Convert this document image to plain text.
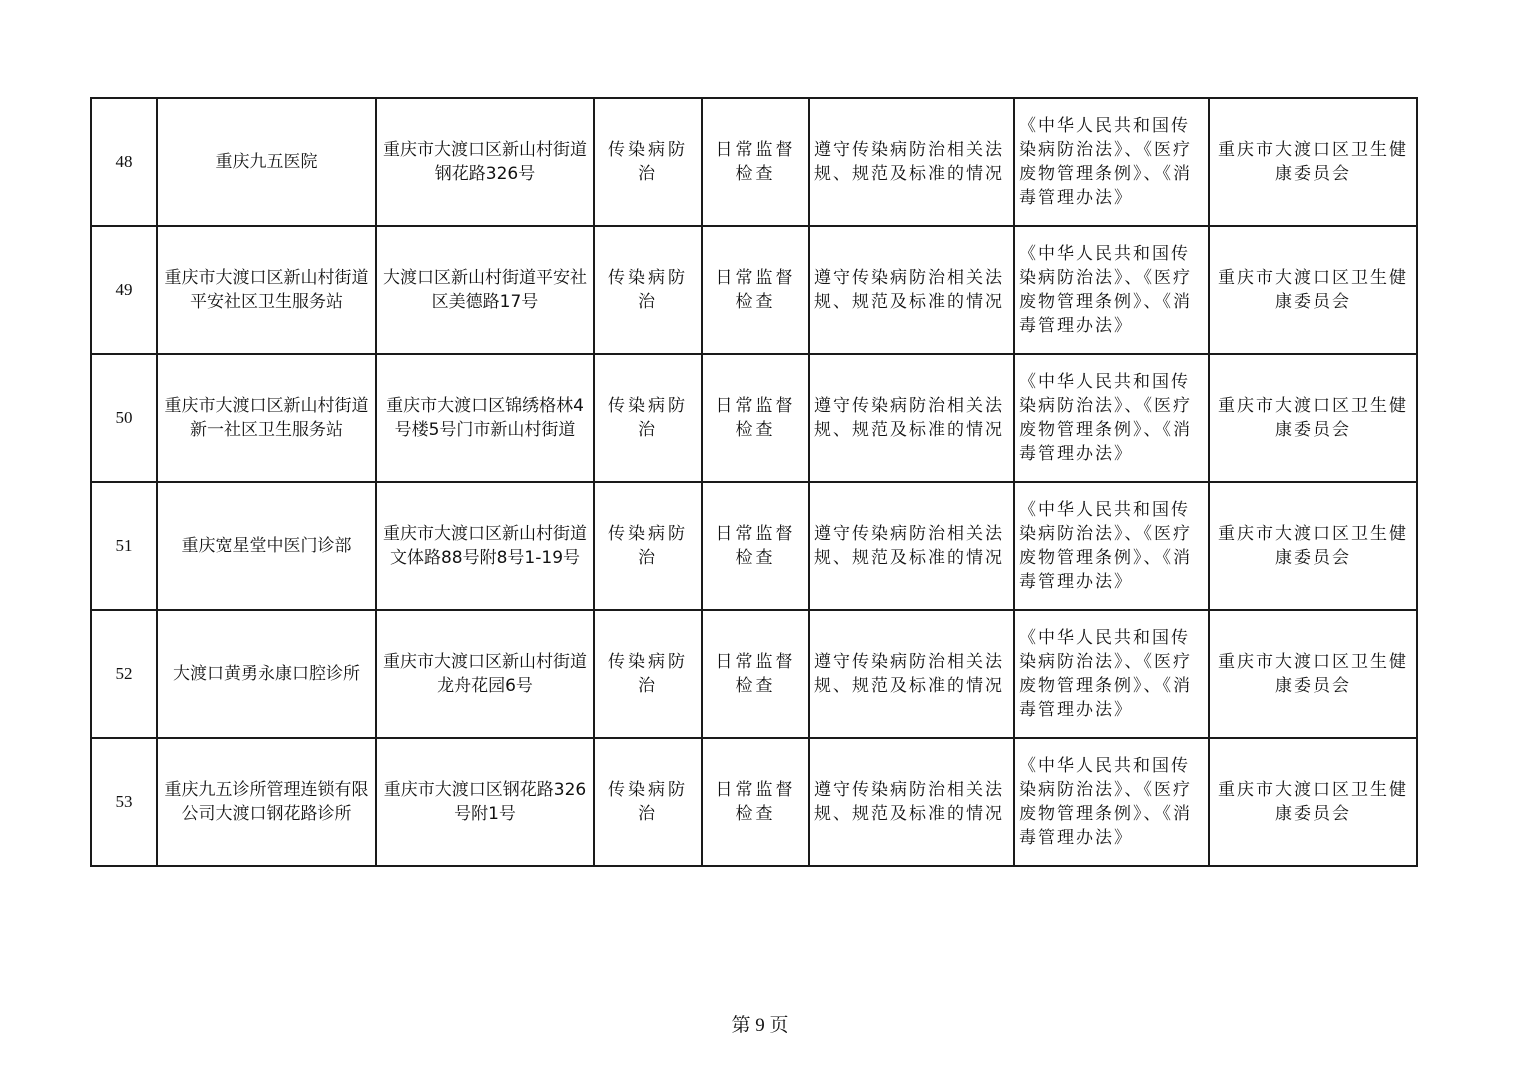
48	重庆九五医院	重庆市大渡口区新山村街道钢花路326号	传染病防治	日常监督检查	遵守传染病防治相关法规、规范及标准的情况	《中华人民共和国传染病防治法》、《医疗废物管理条例》、《消毒管理办法》	重庆市大渡口区卫生健康委员会
49	重庆市大渡口区新山村街道平安社区卫生服务站	大渡口区新山村街道平安社区美德路17号	传染病防治	日常监督检查	遵守传染病防治相关法规、规范及标准的情况	《中华人民共和国传染病防治法》、《医疗废物管理条例》、《消毒管理办法》	重庆市大渡口区卫生健康委员会
50	重庆市大渡口区新山村街道新一社区卫生服务站	重庆市大渡口区锦绣格林4号楼5号门市新山村街道	传染病防治	日常监督检查	遵守传染病防治相关法规、规范及标准的情况	《中华人民共和国传染病防治法》、《医疗废物管理条例》、《消毒管理办法》	重庆市大渡口区卫生健康委员会
51	重庆宽星堂中医门诊部	重庆市大渡口区新山村街道文体路88号附8号1-19号	传染病防治	日常监督检查	遵守传染病防治相关法规、规范及标准的情况	《中华人民共和国传染病防治法》、《医疗废物管理条例》、《消毒管理办法》	重庆市大渡口区卫生健康委员会
52	大渡口黄勇永康口腔诊所	重庆市大渡口区新山村街道龙舟花园6号	传染病防治	日常监督检查	遵守传染病防治相关法规、规范及标准的情况	《中华人民共和国传染病防治法》、《医疗废物管理条例》、《消毒管理办法》	重庆市大渡口区卫生健康委员会
53	重庆九五诊所管理连锁有限公司大渡口钢花路诊所	重庆市大渡口区钢花路326号附1号	传染病防治	日常监督检查	遵守传染病防治相关法规、规范及标准的情况	《中华人民共和国传染病防治法》、《医疗废物管理条例》、《消毒管理办法》	重庆市大渡口区卫生健康委员会
第 9 页
